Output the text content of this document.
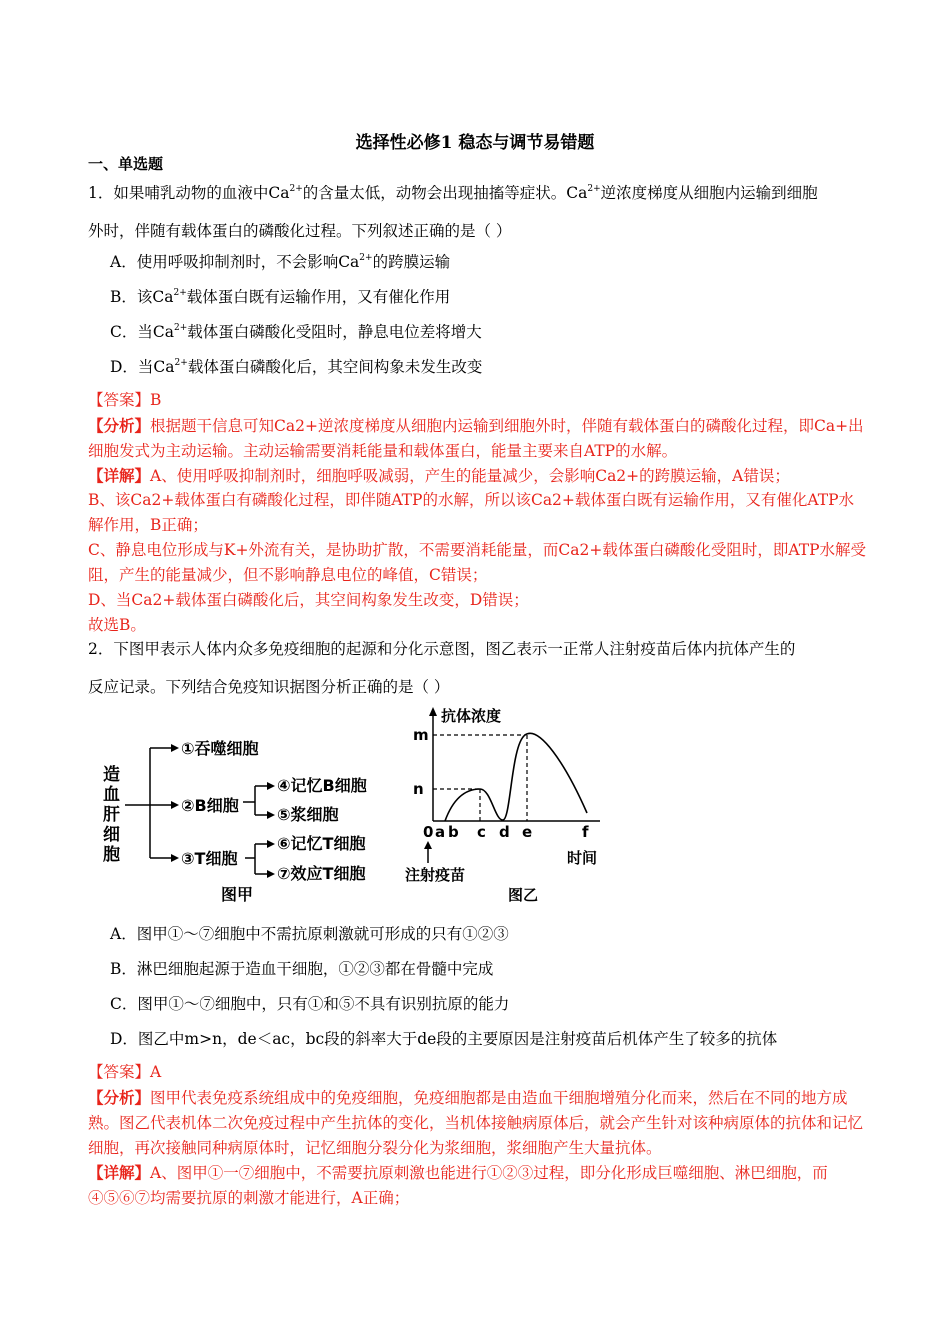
选择性必修1 稳态与调节易错题
一、单选题
1．如果哺乳动物的血液中$Ca^{2+}$的含量太低，动物会出现抽搐等症状。$Ca^{2+}$逆浓度梯度从细胞内运输到细胞
外时，伴随有载体蛋白的磷酸化过程。下列叙述正确的是（ ）
A．使用呼吸抑制剂时，不会影响$Ca^{2+}$的跨膜运输
B．该$Ca^{2+}$载体蛋白既有运输作用，又有催化作用
C．当$Ca^{2+}$载体蛋白磷酸化受阻时，静息电位差将增大
D．当$Ca^{2+}$载体蛋白磷酸化后，其空间构象未发生改变
【答案】B
【分析】根据题干信息可知Ca2+逆浓度梯度从细胞内运输到细胞外时，伴随有载体蛋白的磷酸化过程，即Ca+出细胞发式为主动运输。主动运输需要消耗能量和载体蛋白，能量主要来自ATP的水解。
【详解】A、使用呼吸抑制剂时，细胞呼吸减弱，产生的能量减少，会影响Ca2+的跨膜运输，A错误；
B、该Ca2+载体蛋白有磷酸化过程，即伴随ATP的水解，所以该Ca2+载体蛋白既有运输作用，又有催化ATP水解作用，B正确；
C、静息电位形成与K+外流有关，是协助扩散，不需要消耗能量，而Ca2+载体蛋白磷酸化受阻时，即ATP水解受阻，产生的能量减少，但不影响静息电位的峰值，C错误；
D、当Ca2+载体蛋白磷酸化后，其空间构象发生改变，D错误；
故选B。
2．下图甲表示人体内众多免疫细胞的起源和分化示意图，图乙表示一正常人注射疫苗后体内抗体产生的
反应记录。下列结合免疫知识据图分析正确的是（ ）
造
血
肝
细
胞
①吞噬细胞
②B细胞
③T细胞
④记忆B细胞
⑤浆细胞
⑥记忆T细胞
⑦效应T细胞
图甲
抗体浓度
m
n
0 a b c d e	f
时间
注射疫苗
图乙
A．图甲①～⑦细胞中不需抗原刺激就可形成的只有①②③
B．淋巴细胞起源于造血干细胞，①②③都在骨髓中完成
C．图甲①～⑦细胞中，只有①和⑤不具有识别抗原的能力
D．图乙中m>n，de＜ac，bc段的斜率大于de段的主要原因是注射疫苗后机体产生了较多的抗体
【答案】A
【分析】图甲代表免疫系统组成中的免疫细胞，免疫细胞都是由造血干细胞增殖分化而来，然后在不同的地方成熟。图乙代表机体二次免疫过程中产生抗体的变化，当机体接触病原体后，就会产生针对该种病原体的抗体和记忆细胞，再次接触同种病原体时，记忆细胞分裂分化为浆细胞，浆细胞产生大量抗体。
【详解】A、图甲①一⑦细胞中，不需要抗原刺激也能进行①②③过程，即分化形成巨噬细胞、淋巴细胞，而④⑤⑥⑦均需要抗原的刺激才能进行，A正确；
